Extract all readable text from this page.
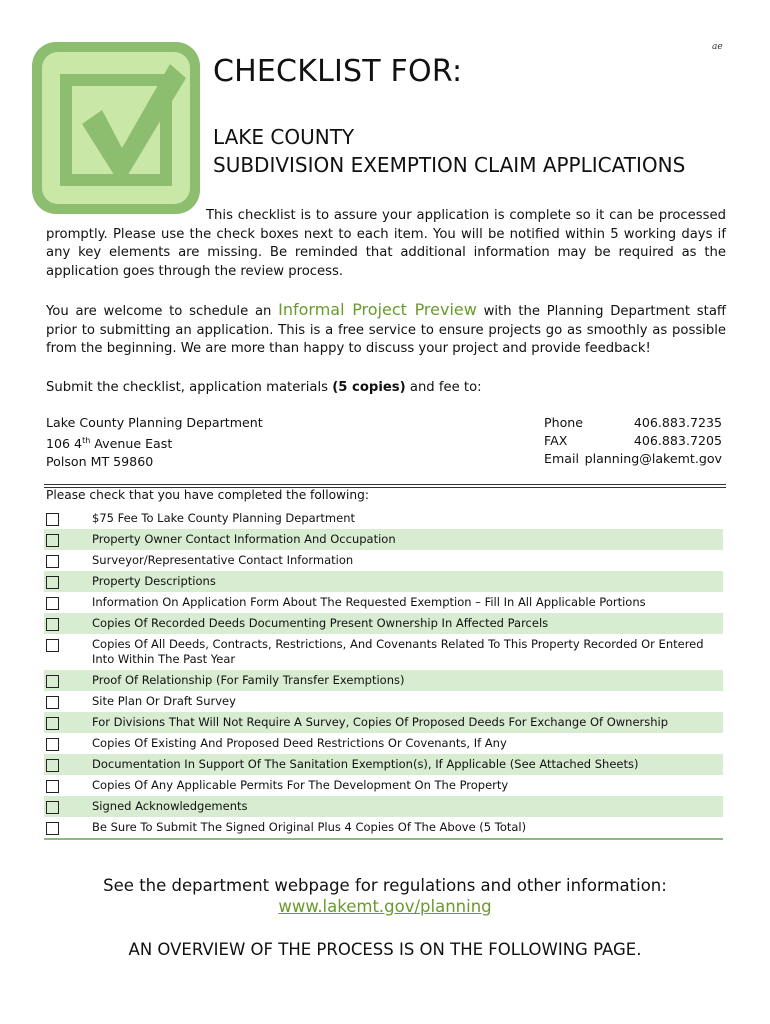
ae
CHECKLIST FOR:
LAKE COUNTY
SUBDIVISION EXEMPTION CLAIM APPLICATIONS

This checklist is to assure your application is complete so it can be processed promptly. Please use the check boxes next to each item. You will be notified within 5 working days if any key elements are missing. Be reminded that additional information may be required as the application goes through the review process.

You are welcome to schedule an Informal Project Preview with the Planning Department staff prior to submitting an application. This is a free service to ensure projects go as smoothly as possible from the beginning. We are more than happy to discuss your project and provide feedback!

Submit the checklist, application materials (5 copies) and fee to:

Lake County Planning Department
106 4th Avenue East
Polson MT 59860
Phone	406.883.7235
FAX	406.883.7205
Email planning@lakemt.gov
Please check that you have completed the following:
$75 Fee To Lake County Planning Department
Property Owner Contact Information And Occupation
Surveyor/Representative Contact Information
Property Descriptions
Information On Application Form About The Requested Exemption – Fill In All Applicable Portions
Copies Of Recorded Deeds Documenting Present Ownership In Affected Parcels
Copies Of All Deeds, Contracts, Restrictions, And Covenants Related To This Property Recorded Or Entered Into Within The Past Year
Proof Of Relationship (For Family Transfer Exemptions)
Site Plan Or Draft Survey
For Divisions That Will Not Require A Survey, Copies Of Proposed Deeds For Exchange Of Ownership
Copies Of Existing And Proposed Deed Restrictions Or Covenants, If Any
Documentation In Support Of The Sanitation Exemption(s), If Applicable (See Attached Sheets)
Copies Of Any Applicable Permits For The Development On The Property
Signed Acknowledgements
Be Sure To Submit The Signed Original Plus 4 Copies Of The Above (5 Total)
See the department webpage for regulations and other information:
www.lakemt.gov/planning
AN OVERVIEW OF THE PROCESS IS ON THE FOLLOWING PAGE.
